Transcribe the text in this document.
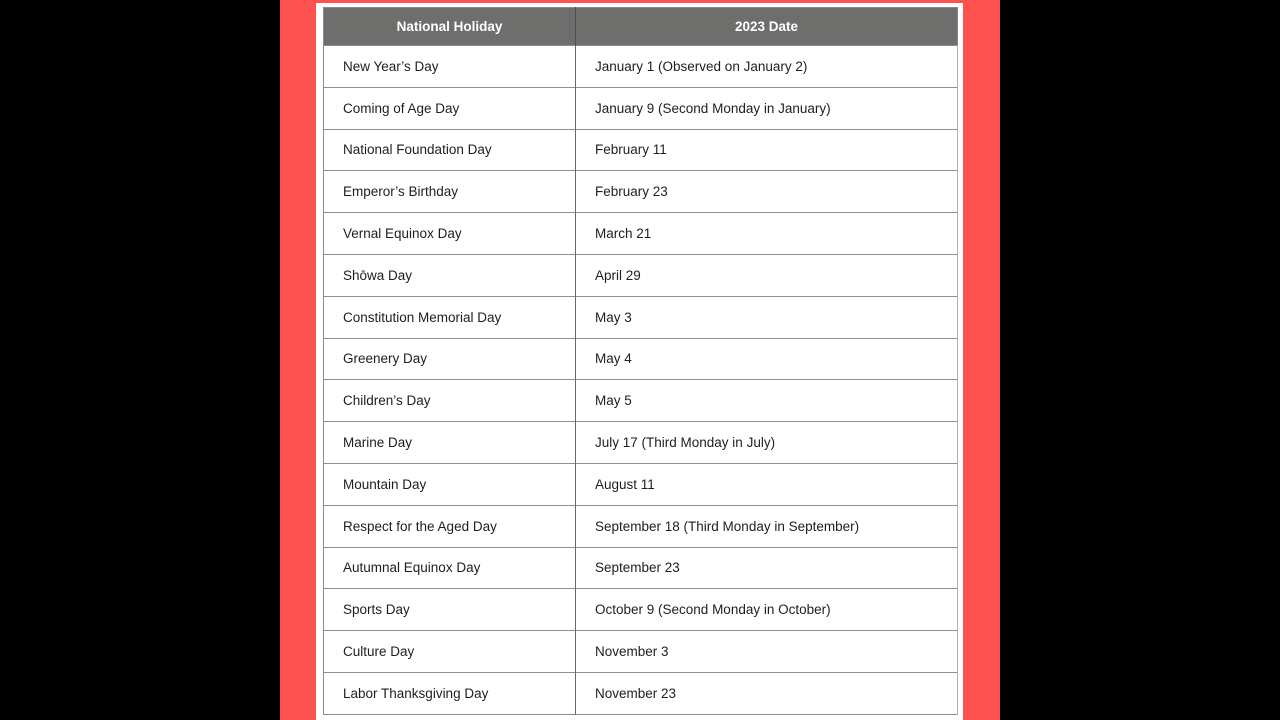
National Holiday	2023 Date
New Year’s Day	January 1 (Observed on January 2)
Coming of Age Day	January 9 (Second Monday in January)
National Foundation Day	February 11
Emperor’s Birthday	February 23
Vernal Equinox Day	March 21
Shōwa Day	April 29
Constitution Memorial Day	May 3
Greenery Day	May 4
Children’s Day	May 5
Marine Day	July 17 (Third Monday in July)
Mountain Day	August 11
Respect for the Aged Day	September 18 (Third Monday in September)
Autumnal Equinox Day	September 23
Sports Day	October 9 (Second Monday in October)
Culture Day	November 3
Labor Thanksgiving Day	November 23
